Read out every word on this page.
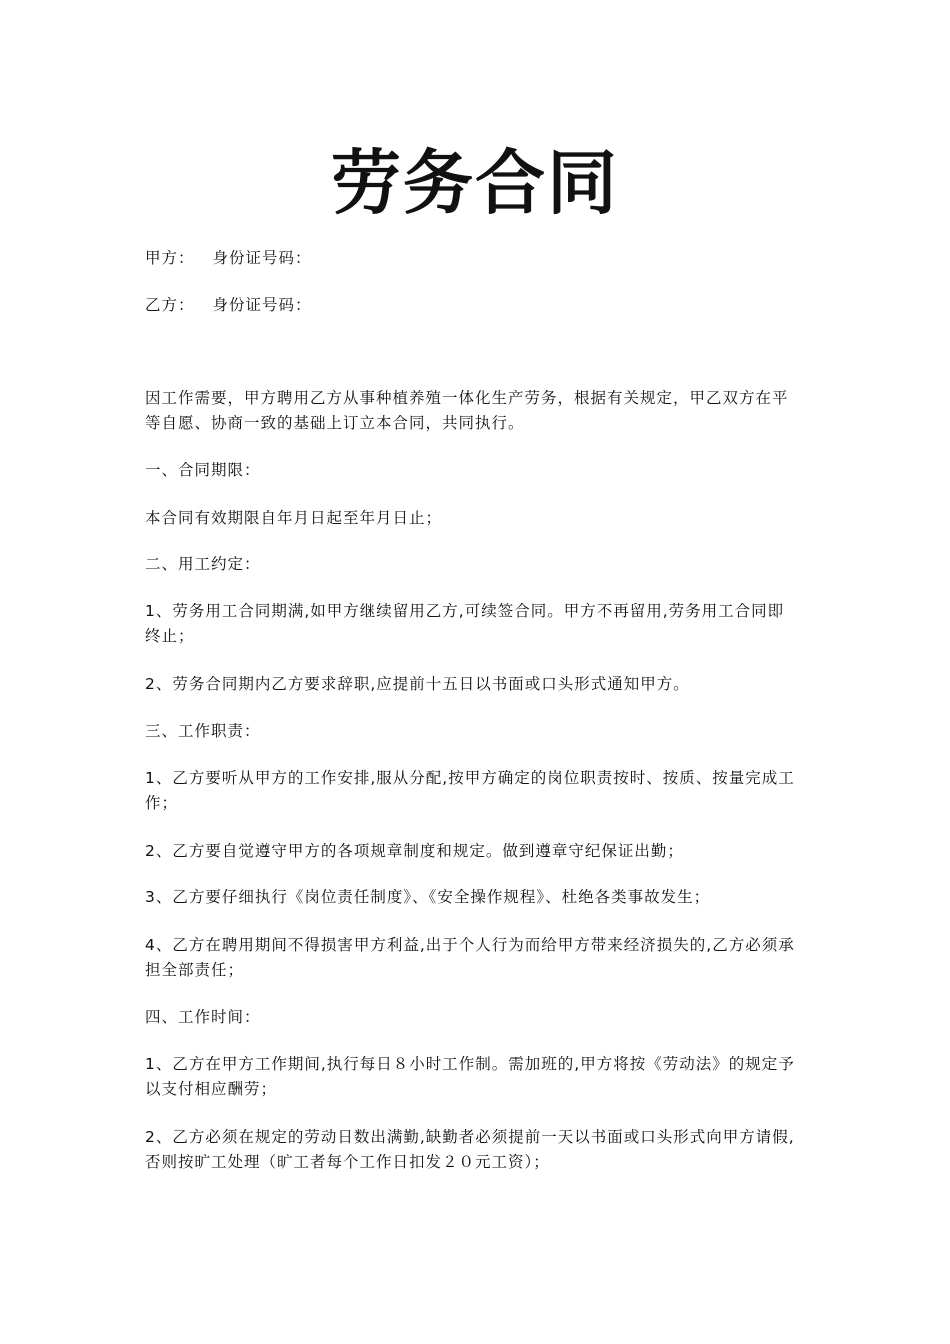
劳务合同
甲方： 身份证号码：
乙方： 身份证号码：
因工作需要，甲方聘用乙方从事种植养殖一体化生产劳务，根据有关规定，甲乙双方在平
等自愿、协商一致的基础上订立本合同，共同执行。
一、合同期限：
本合同有效期限自年月日起至年月日止；
二、用工约定：
1、劳务用工合同期满,如甲方继续留用乙方,可续签合同。甲方不再留用,劳务用工合同即
终止；
2、劳务合同期内乙方要求辞职,应提前十五日以书面或口头形式通知甲方。
三、工作职责：
1、乙方要听从甲方的工作安排,服从分配,按甲方确定的岗位职责按时、按质、按量完成工
作；
2、乙方要自觉遵守甲方的各项规章制度和规定。做到遵章守纪保证出勤；
3、乙方要仔细执行《岗位责任制度》、《安全操作规程》、杜绝各类事故发生；
4、乙方在聘用期间不得损害甲方利益,出于个人行为而给甲方带来经济损失的,乙方必须承
担全部责任；
四、工作时间：
1、乙方在甲方工作期间,执行每日８小时工作制。需加班的,甲方将按《劳动法》的规定予
以支付相应酬劳；
2、乙方必须在规定的劳动日数出满勤,缺勤者必须提前一天以书面或口头形式向甲方请假,
否则按旷工处理（旷工者每个工作日扣发２０元工资）；
